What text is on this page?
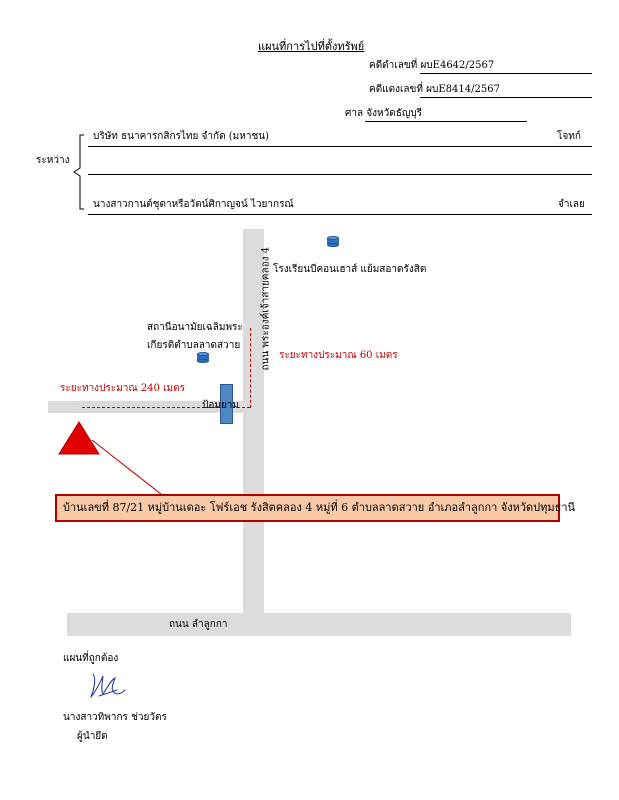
แผนที่การไปที่ตั้งทรัพย์
คดีดำเลขที่ ผบE4642/2567
คดีแดงเลขที่ ผบE8414/2567
ศาล จังหวัดธัญบุรี
บริษัท ธนาคารกสิกรไทย จำกัด (มหาชน)	โจทก์
ระหว่าง
นางสาวกานต์ชุดาหรือวัตน์ศิกาญจน์ ไวยากรณ์	จำเลย
ถนน พระองค์เจ้าสายคลอง 4
ถนน ลำลูกกา
โรงเรียนบีคอนเฮาส์ แย้มสอาดรังสิต
สถานีอนามัยเฉลิมพระ
เกียรติตำบลลาดสวาย
ระยะทางประมาณ 60 เมตร
ระยะทางประมาณ 240 เมตร
ป้อมยาม
บ้านเลขที่ 87/21 หมู่บ้านเดอะ โฟร์เอช รังสิตคลอง 4 หมู่ที่ 6 ตำบลลาดสวาย อำเภอลำลูกกา จังหวัดปทุมธานี
แผนที่ถูกต้อง
นางสาวทิพากร ช่วยวัตร
ผู้นำยึด
